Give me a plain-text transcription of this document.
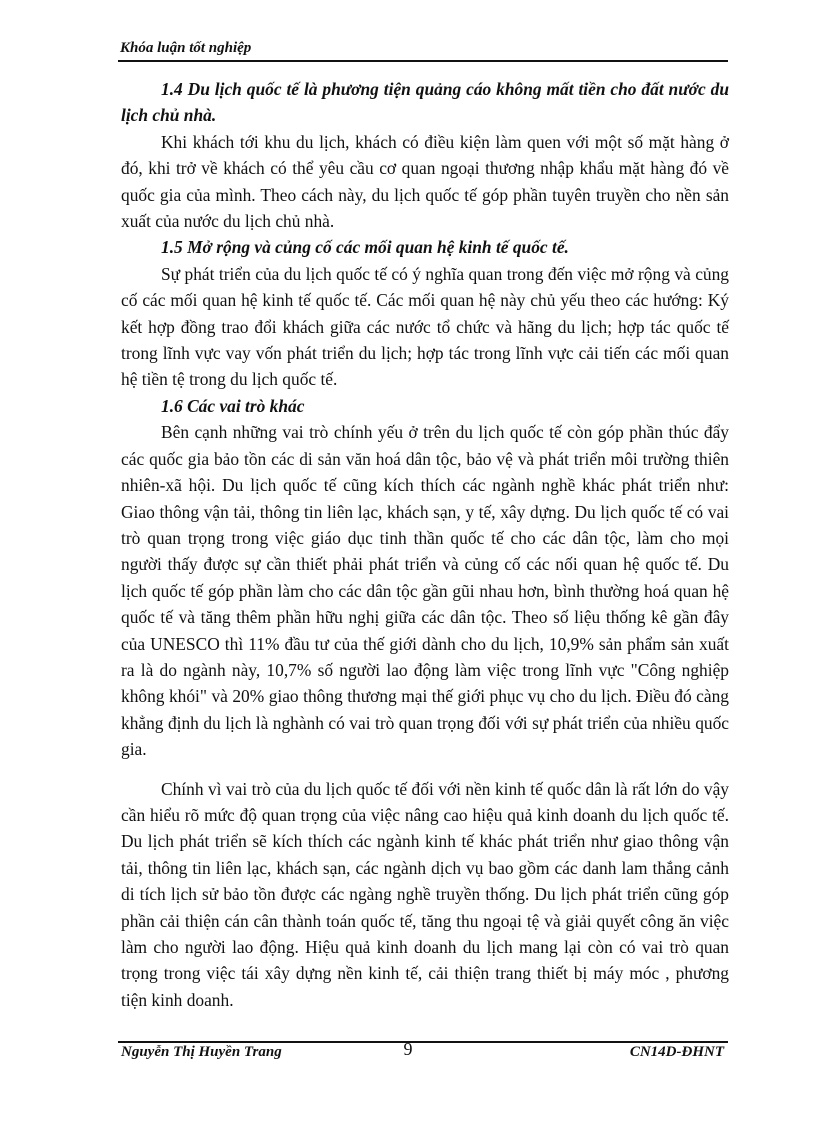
Khóa luận tốt nghiệp

1.4 Du lịch quốc tế là phương tiện quảng cáo không mất tiền cho đất nước du lịch chủ nhà.

Khi khách tới khu du lịch, khách có điều kiện làm quen với một số mặt hàng ở đó, khi trở về khách có thể yêu cầu cơ quan ngoại thương nhập khẩu mặt hàng đó về quốc gia của mình. Theo cách này, du lịch quốc tế góp phần tuyên truyền cho nền sản xuất của nước du lịch chủ nhà.

1.5 Mở rộng và củng cố các mối quan hệ kinh tế quốc tế.

Sự phát triển của du lịch quốc tế có ý nghĩa quan trong đến việc mở rộng và củng cố các mối quan hệ kinh tế quốc tế. Các mối quan hệ này chủ yếu theo các hướng: Ký kết hợp đồng trao đổi khách giữa các nước tổ chức và hãng du lịch; hợp tác quốc tế trong lĩnh vực vay vốn phát triển du lịch; hợp tác trong lĩnh vực cải tiến các mối quan hệ tiền tệ trong du lịch quốc tế.

1.6 Các vai trò khác

Bên cạnh những vai trò chính yếu ở trên du lịch quốc tế còn góp phần thúc đẩy các quốc gia bảo tồn các di sản văn hoá dân tộc, bảo vệ và phát triển môi trường thiên nhiên-xã hội. Du lịch quốc tế cũng kích thích các ngành nghề khác phát triển như: Giao thông vận tải, thông tin liên lạc, khách sạn, y tế, xây dựng. Du lịch quốc tế có vai trò quan trọng trong việc giáo dục tinh thần quốc tế cho các dân tộc, làm cho mọi người thấy được sự cần thiết phải phát triển và củng cố các nối quan hệ quốc tế. Du lịch quốc tế góp phần làm cho các dân tộc gần gũi nhau hơn, bình thường hoá quan hệ quốc tế và tăng thêm phần hữu nghị giữa các dân tộc. Theo số liệu thống kê gần đây của UNESCO thì 11% đầu tư của thế giới dành cho du lịch, 10,9% sản phẩm sản xuất ra là do ngành này, 10,7% số người lao động làm việc trong lĩnh vực "Công nghiệp không khói" và 20% giao thông thương mại thế giới phục vụ cho du lịch. Điều đó càng khẳng định du lịch là nghành có vai trò quan trọng đối với sự phát triển của nhiều quốc gia.

Chính vì vai trò của du lịch quốc tế đối với nền kinh tế quốc dân là rất lớn do vậy cần hiểu rõ mức độ quan trọng của việc nâng cao hiệu quả kinh doanh du lịch quốc tế. Du lịch phát triển sẽ kích thích các ngành kinh tế khác phát triển như giao thông vận tải, thông tin liên lạc, khách sạn, các ngành dịch vụ bao gồm các danh lam thắng cảnh di tích lịch sử bảo tồn được các ngàng nghề truyền thống. Du lịch phát triển cũng góp phần cải thiện cán cân thành toán quốc tế, tăng thu ngoại tệ và giải quyết công ăn việc làm cho người lao động. Hiệu quả kinh doanh du lịch mang lại còn có vai trò quan trọng trong việc tái xây dựng nền kinh tế, cải thiện trang thiết bị máy móc , phương tiện kinh doanh.

Nguyễn Thị Huyền Trang	9	CN14D-ĐHNT
